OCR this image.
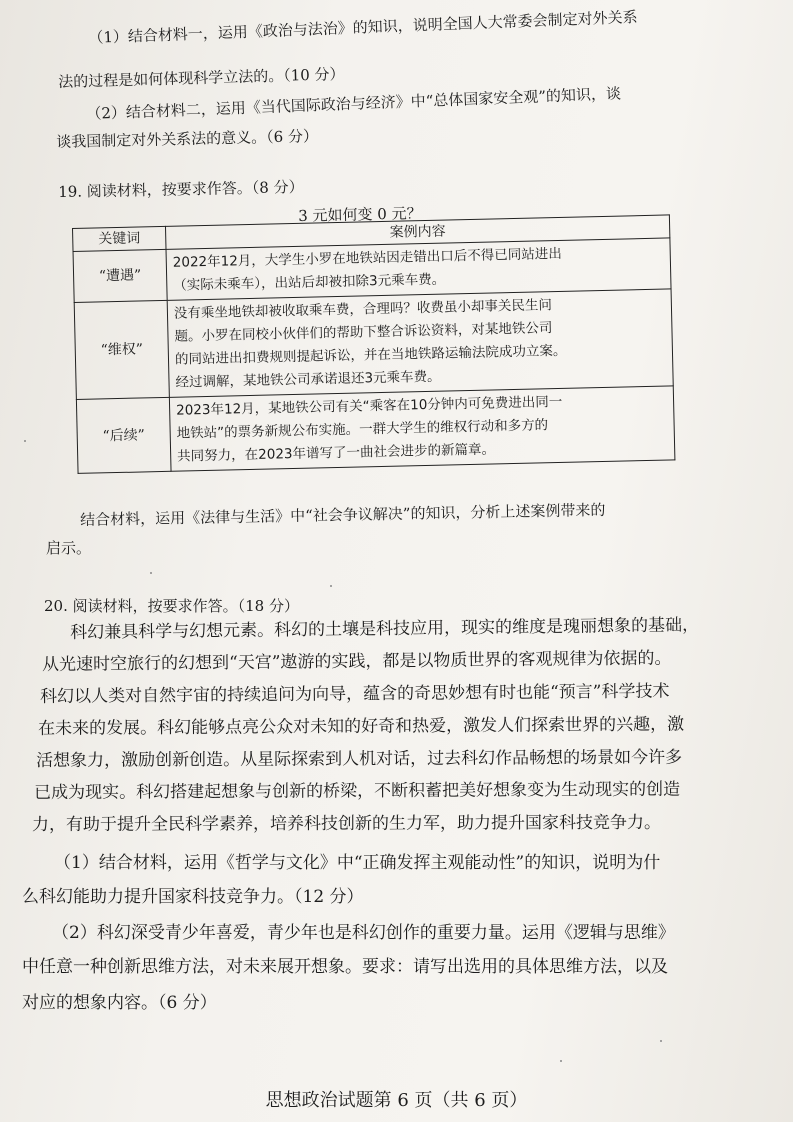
（1）结合材料一，运用《政治与法治》的知识，说明全国人大常委会制定对外关系
法的过程是如何体现科学立法的。（10 分）
（2）结合材料二，运用《当代国际政治与经济》中“总体国家安全观”的知识，谈
谈我国制定对外关系法的意义。（6 分）
19. 阅读材料，按要求作答。（8 分）
3 元如何变 0 元？
关键词	案例内容
“遭遇”	2022年12月，大学生小罗在地铁站因走错出口后不得已同站进出
（实际未乘车），出站后却被扣除3元乘车费。

“维权”	没有乘坐地铁却被收取乘车费，合理吗？收费虽小却事关民生问
题。小罗在同校小伙伴们的帮助下整合诉讼资料，对某地铁公司
的同站进出扣费规则提起诉讼，并在当地铁路运输法院成功立案。
经过调解，某地铁公司承诺退还3元乘车费。

“后续”	2023年12月，某地铁公司有关“乘客在10分钟内可免费进出同一
地铁站”的票务新规公布实施。一群大学生的维权行动和多方的
共同努力，在2023年谱写了一曲社会进步的新篇章。
结合材料，运用《法律与生活》中“社会争议解决”的知识，分析上述案例带来的
启示。
20. 阅读材料，按要求作答。（18 分）
科幻兼具科学与幻想元素。科幻的土壤是科技应用，现实的维度是瑰丽想象的基础，
从光速时空旅行的幻想到“天宫”遨游的实践，都是以物质世界的客观规律为依据的。
科幻以人类对自然宇宙的持续追问为向导，蕴含的奇思妙想有时也能“预言”科学技术
在未来的发展。科幻能够点亮公众对未知的好奇和热爱，激发人们探索世界的兴趣，激
活想象力，激励创新创造。从星际探索到人机对话，过去科幻作品畅想的场景如今许多
已成为现实。科幻搭建起想象与创新的桥梁，不断积蓄把美好想象变为生动现实的创造
力，有助于提升全民科学素养，培养科技创新的生力军，助力提升国家科技竞争力。
（1）结合材料，运用《哲学与文化》中“正确发挥主观能动性”的知识，说明为什
么科幻能助力提升国家科技竞争力。（12 分）
（2）科幻深受青少年喜爱，青少年也是科幻创作的重要力量。运用《逻辑与思维》
中任意一种创新思维方法，对未来展开想象。要求：请写出选用的具体思维方法，以及
对应的想象内容。（6 分）
思想政治试题第 6 页（共 6 页）
